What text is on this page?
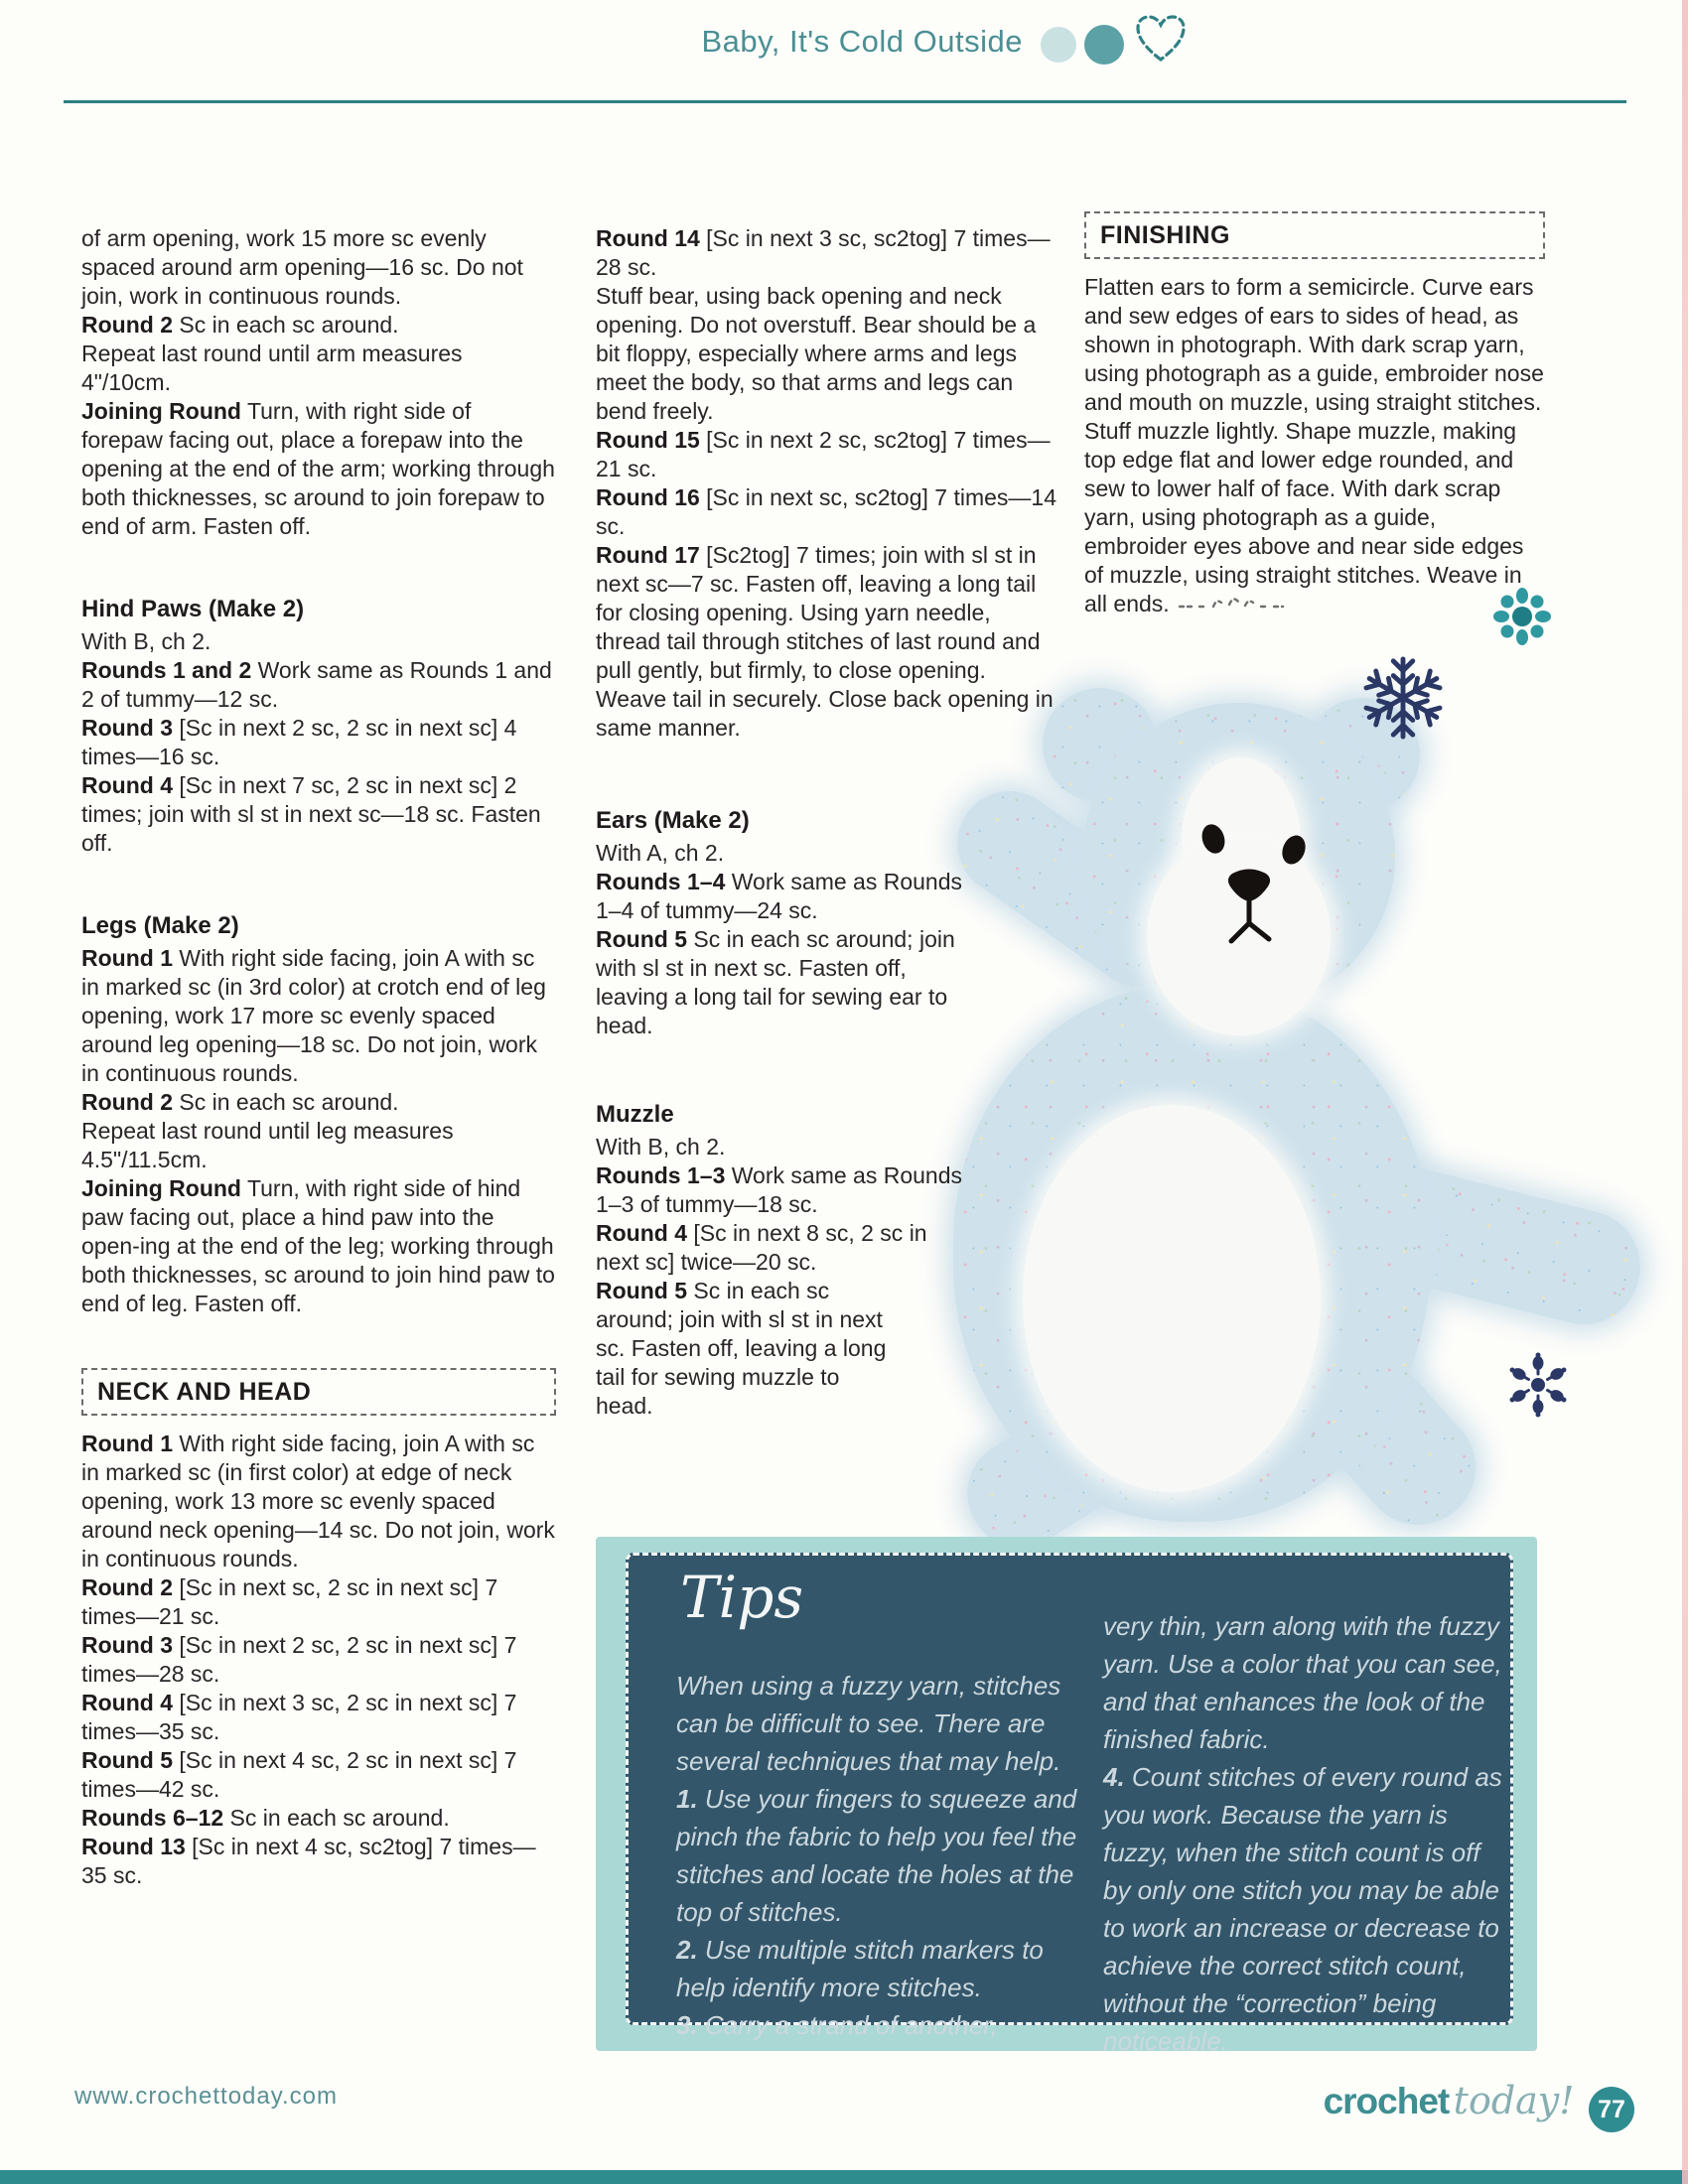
Baby, It's Cold Outside

of arm opening, work 15 more sc evenly spaced around arm opening—16 sc. Do not join, work in continuous rounds.

Round 2 Sc in each sc around.

Repeat last round until arm measures 4"/10cm.

Joining Round Turn, with right side of forepaw facing out, place a forepaw into the opening at the end of the arm; working through both thicknesses, sc around to join forepaw to end of arm. Fasten off.

Hind Paws (Make 2)

With B, ch 2.

Rounds 1 and 2 Work same as Rounds 1 and 2 of tummy—12 sc.

Round 3 [Sc in next 2 sc, 2 sc in next sc] 4 times—16 sc.

Round 4 [Sc in next 7 sc, 2 sc in next sc] 2 times; join with sl st in next sc—18 sc. Fasten off.

Legs (Make 2)

Round 1 With right side facing, join A with sc in marked sc (in 3rd color) at crotch end of leg opening, work 17 more sc evenly spaced around leg opening—18 sc. Do not join, work in continuous rounds.

Round 2 Sc in each sc around.

Repeat last round until leg measures 4.5"/11.5cm.

Joining Round Turn, with right side of hind paw facing out, place a hind paw into the open-ing at the end of the leg; working through both thicknesses, sc around to join hind paw to end of leg. Fasten off.

NECK AND HEAD

Round 1 With right side facing, join A with sc in marked sc (in first color) at edge of neck opening, work 13 more sc evenly spaced around neck opening—14 sc. Do not join, work in continuous rounds.

Round 2 [Sc in next sc, 2 sc in next sc] 7 times—21 sc.

Round 3 [Sc in next 2 sc, 2 sc in next sc] 7 times—28 sc.

Round 4 [Sc in next 3 sc, 2 sc in next sc] 7 times—35 sc.

Round 5 [Sc in next 4 sc, 2 sc in next sc] 7 times—42 sc.

Rounds 6–12 Sc in each sc around.

Round 13 [Sc in next 4 sc, sc2tog] 7 times—35 sc.

Round 14 [Sc in next 3 sc, sc2tog] 7 times—28 sc.

Stuff bear, using back opening and neck opening. Do not overstuff. Bear should be a bit floppy, especially where arms and legs meet the body, so that arms and legs can bend freely.

Round 15 [Sc in next 2 sc, sc2tog] 7 times—21 sc.

Round 16 [Sc in next sc, sc2tog] 7 times—14 sc.

Round 17 [Sc2tog] 7 times; join with sl st in next sc—7 sc. Fasten off, leaving a long tail for closing opening. Using yarn needle, thread tail through stitches of last round and pull gently, but firmly, to close opening. Weave tail in securely. Close back opening in same manner.

Ears (Make 2)

With A, ch 2.

Rounds 1–4 Work same as Rounds 1–4 of tummy—24 sc.

Round 5 Sc in each sc around; join with sl st in next sc. Fasten off, leaving a long tail for sewing ear to head.

Muzzle

With B, ch 2.

Rounds 1–3 Work same as Rounds 1–3 of tummy—18 sc.

Round 4 [Sc in next 8 sc, 2 sc in next sc] twice—20 sc.

Round 5 Sc in each sc around; join with sl st in next sc. Fasten off, leaving a long tail for sewing muzzle to head.

FINISHING

Flatten ears to form a semicircle. Curve ears and sew edges of ears to sides of head, as shown in photograph. With dark scrap yarn, using photograph as a guide, embroider nose and mouth on muzzle, using straight stitches. Stuff muzzle lightly. Shape muzzle, making top edge flat and lower edge rounded, and sew to lower half of face. With dark scrap yarn, using photograph as a guide, embroider eyes above and near side edges of muzzle, using straight stitches. Weave in all ends.

Tips

When using a fuzzy yarn, stitches can be difficult to see. There are several techniques that may help.

1. Use your fingers to squeeze and pinch the fabric to help you feel the stitches and locate the holes at the top of stitches.

2. Use multiple stitch markers to help identify more stitches.

3. Carry a strand of another,

very thin, yarn along with the fuzzy yarn. Use a color that you can see, and that enhances the look of the finished fabric.

4. Count stitches of every round as you work. Because the yarn is fuzzy, when the stitch count is off by only one stitch you may be able to work an increase or decrease to achieve the correct stitch count, without the “correction” being noticeable.

www.crochettoday.com	crochet today! 77
